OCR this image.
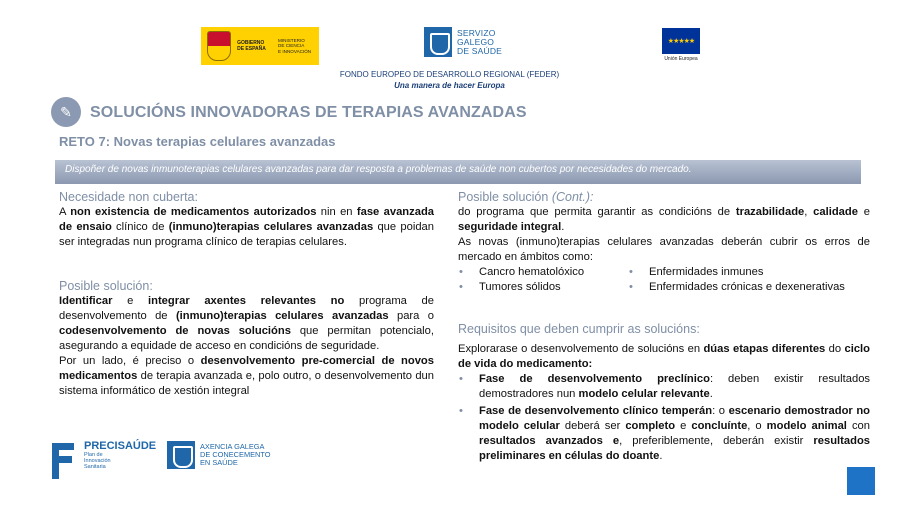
GOBIERNO
DE ESPAÑA
MINISTERIO
DE CIENCIA
E INNOVACIÓN
SERVIZO
GALEGO
DE SAÚDE
★★★★★
Unión Europea
FONDO EUROPEO DE DESARROLLO REGIONAL (FEDER)
Una manera de hacer Europa
✎	SOLUCIÓNS INNOVADORAS DE TERAPIAS AVANZADAS
RETO 7: Novas terapias celulares avanzadas
Dispoñer de novas inmunoterapias celulares avanzadas para dar resposta a problemas de saúde non cubertos por necesidades do mercado.
Necesidade non cuberta:

A non existencia de medicamentos autorizados nin en fase avanzada de ensaio clínico de (inmuno)terapias celulares avanzadas que poidan ser integradas nun programa clínico de terapias celulares.

Posible solución:

Identificar e integrar axentes relevantes no programa de desenvolvemento de (inmuno)terapias celulares avanzadas para o codesenvolvemento de novas solucións que permitan potencialo, asegurando a equidade de acceso en condicións de seguridade.

Por un lado, é preciso o desenvolvemento pre-comercial de novos medicamentos de terapia avanzada e, polo outro, o desenvolvemento dun sistema informático de xestión integral

Posible solución (Cont.):

do programa que permita garantir as condicións de trazabilidade, calidade e seguridade integral.

As novas (inmuno)terapias celulares avanzadas deberán cubrir os erros de mercado en ámbitos como:

•	Cancro hematolóxico	•	Enfermidades inmunes
•	Tumores sólidos	•	Enfermidades crónicas e dexenerativas
Requisitos que deben cumprir as solucións:

Explorarase o desenvolvemento de solucións en dúas etapas diferentes do ciclo de vida do medicamento:

•	Fase de desenvolvemento preclínico: deben existir resultados demostradores nun modelo celular relevante.
•	Fase de desenvolvemento clínico temperán: o escenario demostrador no modelo celular deberá ser completo e concluínte, o modelo animal con resultados avanzados e, preferiblemente, deberán existir resultados preliminares en células do doante.
PRECISAÚDE
Plan de
Innovación
Sanitaria
AXENCIA GALEGA
DE CONECEMENTO
EN SAÚDE
